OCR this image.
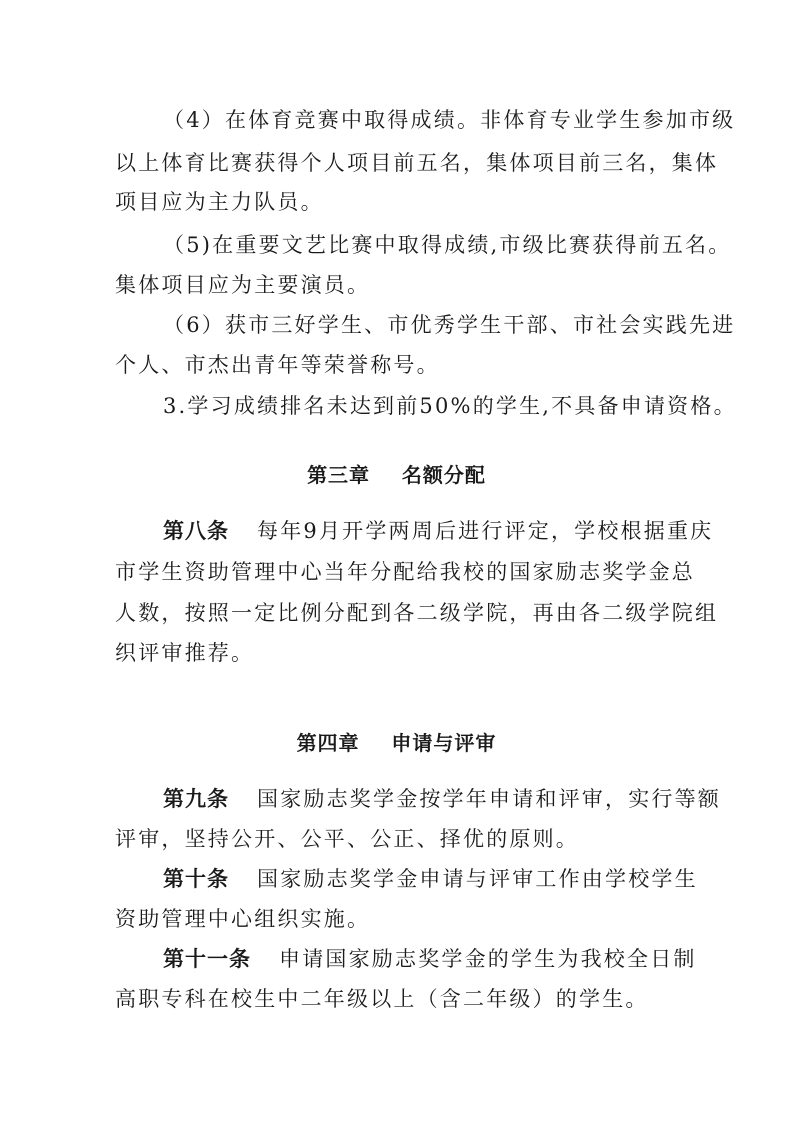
（4）在体育竞赛中取得成绩。非体育专业学生参加市级
以上体育比赛获得个人项目前五名，集体项目前三名，集体
项目应为主力队员。
（5)在重要文艺比赛中取得成绩,市级比赛获得前五名。
集体项目应为主要演员。
（6）获市三好学生、市优秀学生干部、市社会实践先进
个人、市杰出青年等荣誉称号。
3.学习成绩排名未达到前50%的学生,不具备申请资格。
第三章    名额分配
第八条 每年9月开学两周后进行评定，学校根据重庆
市学生资助管理中心当年分配给我校的国家励志奖学金总
人数，按照一定比例分配到各二级学院，再由各二级学院组
织评审推荐。
第四章    申请与评审
第九条 国家励志奖学金按学年申请和评审，实行等额
评审，坚持公开、公平、公正、择优的原则。
第十条 国家励志奖学金申请与评审工作由学校学生
资助管理中心组织实施。
第十一条 申请国家励志奖学金的学生为我校全日制
高职专科在校生中二年级以上（含二年级）的学生。
